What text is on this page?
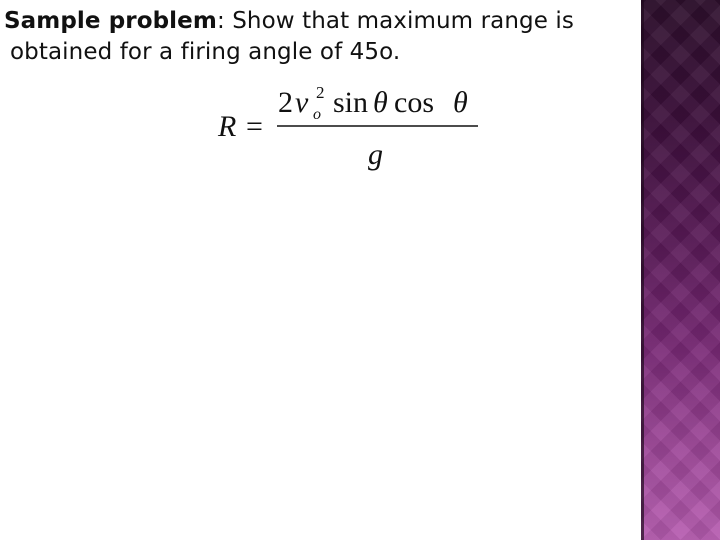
Sample problem: Show that maximum range is
obtained for a firing angle of 45o.
R =
2 v 2
o sin θ cos θ
g
